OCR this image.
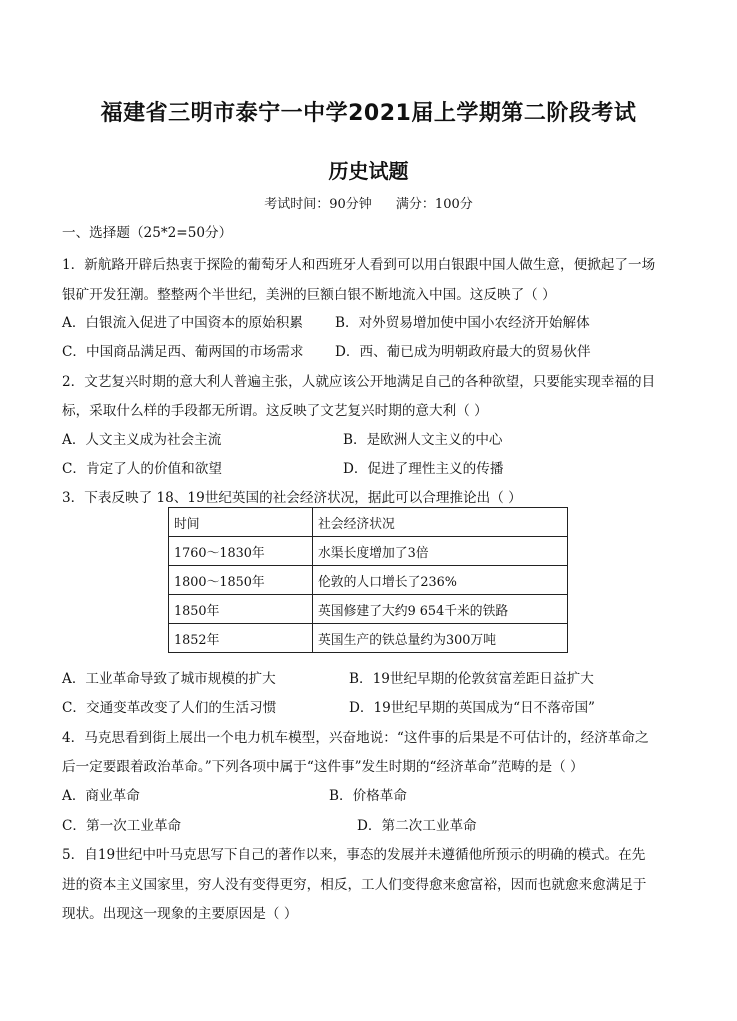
福建省三明市泰宁一中学2021届上学期第二阶段考试
历史试题
考试时间：90分钟 满分：100分
一、选择题（25*2=50分）
1．新航路开辟后热衷于探险的葡萄牙人和西班牙人看到可以用白银跟中国人做生意，便掀起了一场
银矿开发狂潮。整整两个半世纪，美洲的巨额白银不断地流入中国。这反映了（ ）
A．白银流入促进了中国资本的原始积累 B．对外贸易增加使中国小农经济开始解体
C．中国商品满足西、葡两国的市场需求 D．西、葡已成为明朝政府最大的贸易伙伴
2．文艺复兴时期的意大利人普遍主张，人就应该公开地满足自己的各种欲望，只要能实现幸福的目
标，采取什么样的手段都无所谓。这反映了文艺复兴时期的意大利（ ）
A．人文主义成为社会主流	B．是欧洲人文主义的中心
C．肯定了人的价值和欲望	D．促进了理性主义的传播
3．下表反映了 18、19世纪英国的社会经济状况，据此可以合理推论出（ ）
时间	社会经济状况
1760～1830年	水渠长度增加了3倍
1800～1850年	伦敦的人口增长了236%
1850年	英国修建了大约9 654千米的铁路
1852年	英国生产的铁总量约为300万吨
A．工业革命导致了城市规模的扩大	B．19世纪早期的伦敦贫富差距日益扩大
C．交通变革改变了人们的生活习惯	D．19世纪早期的英国成为“日不落帝国”
4．马克思看到街上展出一个电力机车模型，兴奋地说：“这件事的后果是不可估计的，经济革命之
后一定要跟着政治革命。”下列各项中属于“这件事”发生时期的“经济革命”范畴的是（ ）
A．商业革命	B．价格革命
C．第一次工业革命	D．第二次工业革命
5．自19世纪中叶马克思写下自己的著作以来，事态的发展并未遵循他所预示的明确的模式。在先
进的资本主义国家里，穷人没有变得更穷，相反，工人们变得愈来愈富裕，因而也就愈来愈满足于
现状。出现这一现象的主要原因是（ ）
